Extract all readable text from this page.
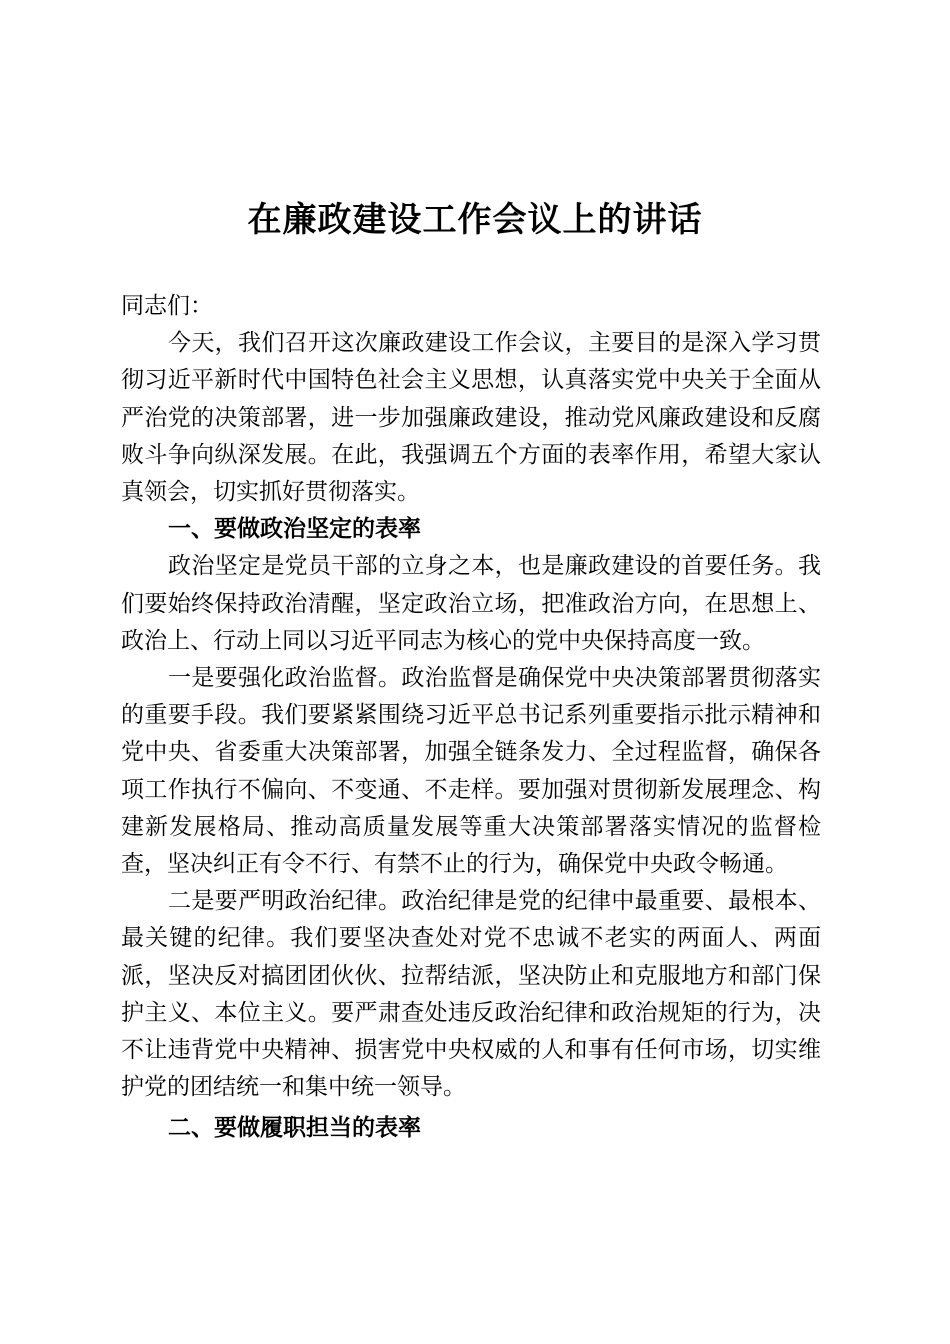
在廉政建设工作会议上的讲话

同志们：

今天，我们召开这次廉政建设工作会议，主要目的是深入学习贯彻习近平新时代中国特色社会主义思想，认真落实党中央关于全面从严治党的决策部署，进一步加强廉政建设，推动党风廉政建设和反腐败斗争向纵深发展。在此，我强调五个方面的表率作用，希望大家认真领会，切实抓好贯彻落实。

一、要做政治坚定的表率

政治坚定是党员干部的立身之本，也是廉政建设的首要任务。我们要始终保持政治清醒，坚定政治立场，把准政治方向，在思想上、政治上、行动上同以习近平同志为核心的党中央保持高度一致。

一是要强化政治监督。政治监督是确保党中央决策部署贯彻落实的重要手段。我们要紧紧围绕习近平总书记系列重要指示批示精神和党中央、省委重大决策部署，加强全链条发力、全过程监督，确保各项工作执行不偏向、不变通、不走样。要加强对贯彻新发展理念、构建新发展格局、推动高质量发展等重大决策部署落实情况的监督检查，坚决纠正有令不行、有禁不止的行为，确保党中央政令畅通。

二是要严明政治纪律。政治纪律是党的纪律中最重要、最根本、最关键的纪律。我们要坚决查处对党不忠诚不老实的两面人、两面派，坚决反对搞团团伙伙、拉帮结派，坚决防止和克服地方和部门保护主义、本位主义。要严肃查处违反政治纪律和政治规矩的行为，决不让违背党中央精神、损害党中央权威的人和事有任何市场，切实维护党的团结统一和集中统一领导。

二、要做履职担当的表率
